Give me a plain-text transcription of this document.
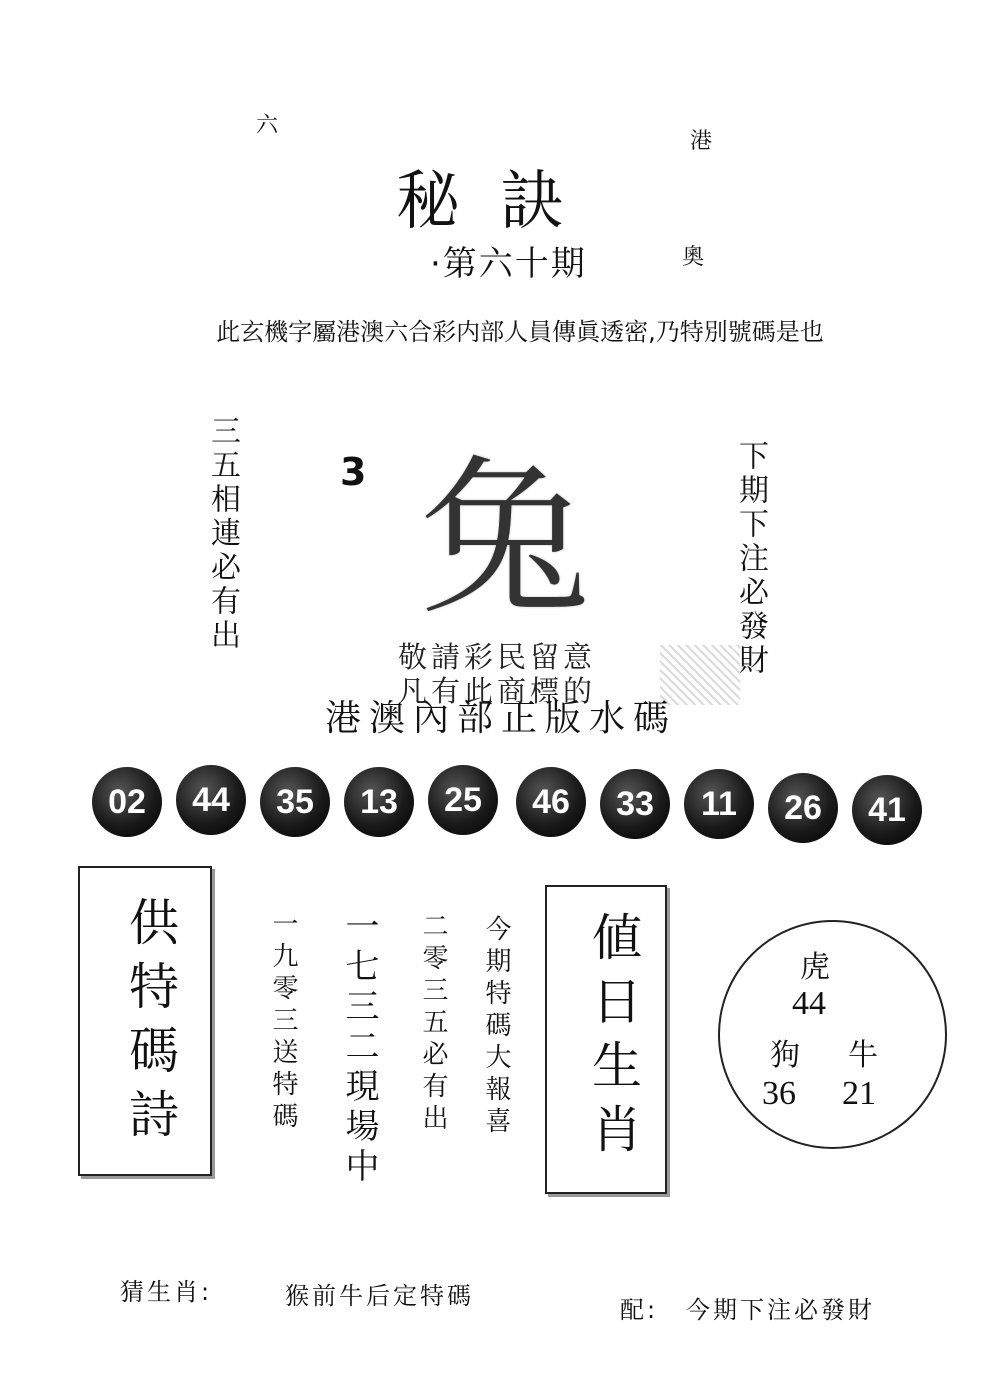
六
港
奧
秘訣
·第六十期
此玄機字屬港澳六合彩内部人員傳眞透密,乃特別號碼是也
三五相連必有出	下期下注必發財
3 兔
敬請彩民留意
凡有此商標的
港澳內部正版水碼
02	44	35	13	25	46	33	11	26	41
供特碼詩	今期特碼大報喜
二零三五必有出
一七三二現場中
一九零三送特碼	値日生肖	虎
44
狗 牛
36 21
猜生肖:	猴前牛后定特碼	配: 今期下注必發財
